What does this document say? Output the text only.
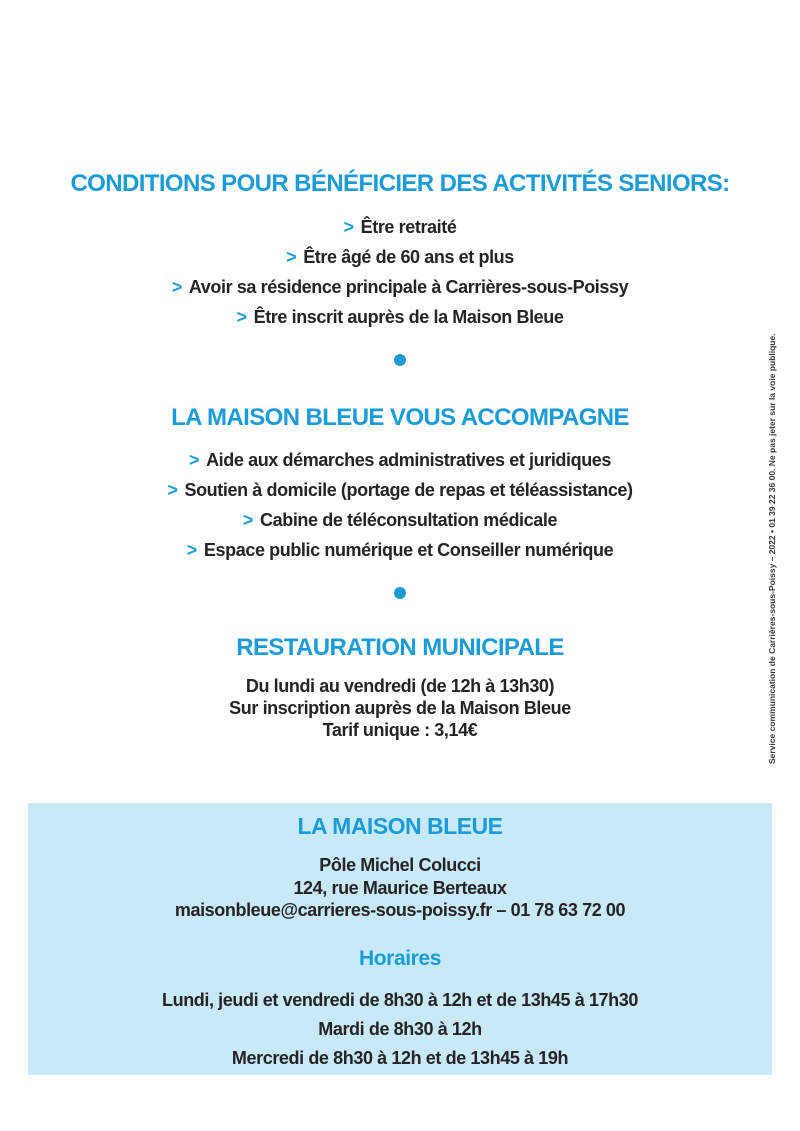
CONDITIONS POUR BÉNÉFICIER DES ACTIVITÉS SENIORS:
> Être retraité
> Être âgé de 60 ans et plus
> Avoir sa résidence principale à Carrières-sous-Poissy
> Être inscrit auprès de la Maison Bleue
LA MAISON BLEUE VOUS ACCOMPAGNE
> Aide aux démarches administratives et juridiques
> Soutien à domicile (portage de repas et téléassistance)
> Cabine de téléconsultation médicale
> Espace public numérique et Conseiller numérique
RESTAURATION MUNICIPALE
Du lundi au vendredi (de 12h à 13h30)
Sur inscription auprès de la Maison Bleue
Tarif unique : 3,14€
LA MAISON BLEUE
Pôle Michel Colucci
124, rue Maurice Berteaux
maisonbleue@carrieres-sous-poissy.fr – 01 78 63 72 00
Horaires
Lundi, jeudi et vendredi de 8h30 à 12h et de 13h45 à 17h30
Mardi de 8h30 à 12h
Mercredi de 8h30 à 12h et de 13h45 à 19h
Service communication de Carrières-sous-Poissy – 2022 • 01 39 22 36 00. Ne pas jeter sur la voie publique.
